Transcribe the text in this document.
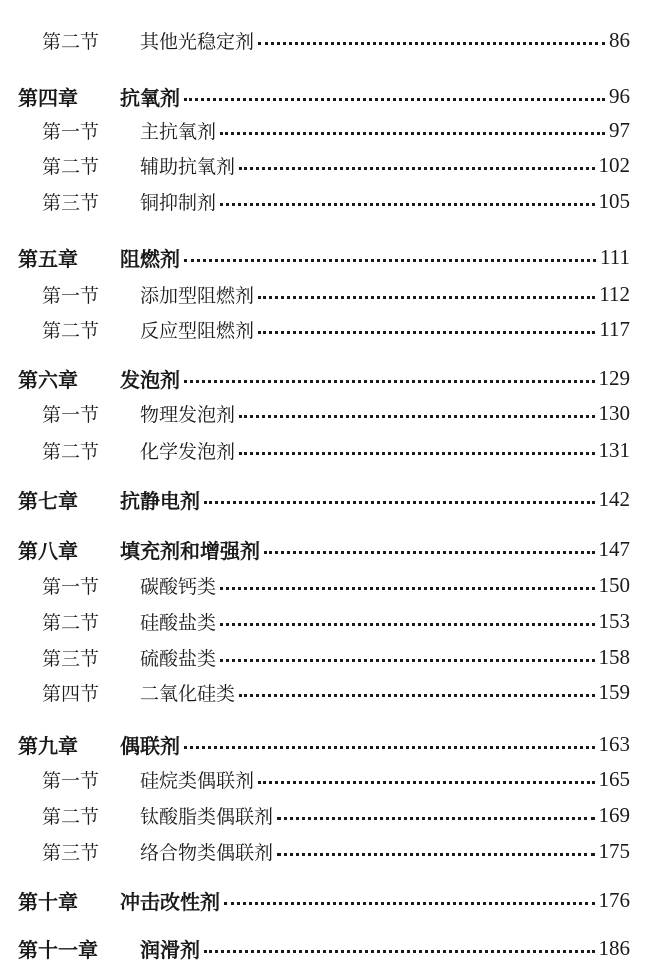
第二节	其他光稳定剂	86
第四章	抗氧剂	96
第一节	主抗氧剂	97
第二节	辅助抗氧剂	102
第三节	铜抑制剂	105
第五章	阻燃剂	111
第一节	添加型阻燃剂	112
第二节	反应型阻燃剂	117
第六章	发泡剂	129
第一节	物理发泡剂	130
第二节	化学发泡剂	131
第七章	抗静电剂	142
第八章	填充剂和增强剂	147
第一节	碳酸钙类	150
第二节	硅酸盐类	153
第三节	硫酸盐类	158
第四节	二氧化硅类	159
第九章	偶联剂	163
第一节	硅烷类偶联剂	165
第二节	钛酸脂类偶联剂	169
第三节	络合物类偶联剂	175
第十章	冲击改性剂	176
第十一章	润滑剂	186
